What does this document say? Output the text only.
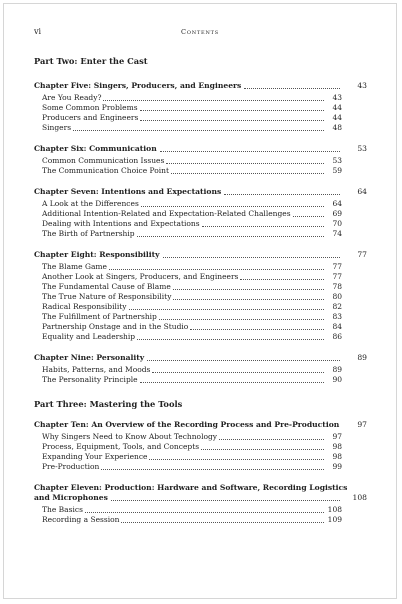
vi	Contents
Part Two: Enter the Cast
Chapter Five: Singers, Producers, and Engineers	43
Are You Ready?	43
Some Common Problems	44
Producers and Engineers	44
Singers	48
Chapter Six: Communication	53
Common Communication Issues	53
The Communication Choice Point	59
Chapter Seven: Intentions and Expectations	64
A Look at the Differences	64
Additional Intention-Related and Expectation-Related Challenges	69
Dealing with Intentions and Expectations	70
The Birth of Partnership	74
Chapter Eight: Responsibility	77
The Blame Game	77
Another Look at Singers, Producers, and Engineers	77
The Fundamental Cause of Blame	78
The True Nature of Responsibility	80
Radical Responsibility	82
The Fulfillment of Partnership	83
Partnership Onstage and in the Studio	84
Equality and Leadership	86
Chapter Nine: Personality	89
Habits, Patterns, and Moods	89
The Personality Principle	90
Part Three: Mastering the Tools
Chapter Ten: An Overview of the Recording Process and Pre-Production	97
Why Singers Need to Know About Technology	97
Process, Equipment, Tools, and Concepts	98
Expanding Your Experience	98
Pre-Production	99
Chapter Eleven: Production: Hardware and Software, Recording Logistics
and Microphones	108
The Basics	108
Recording a Session	109
